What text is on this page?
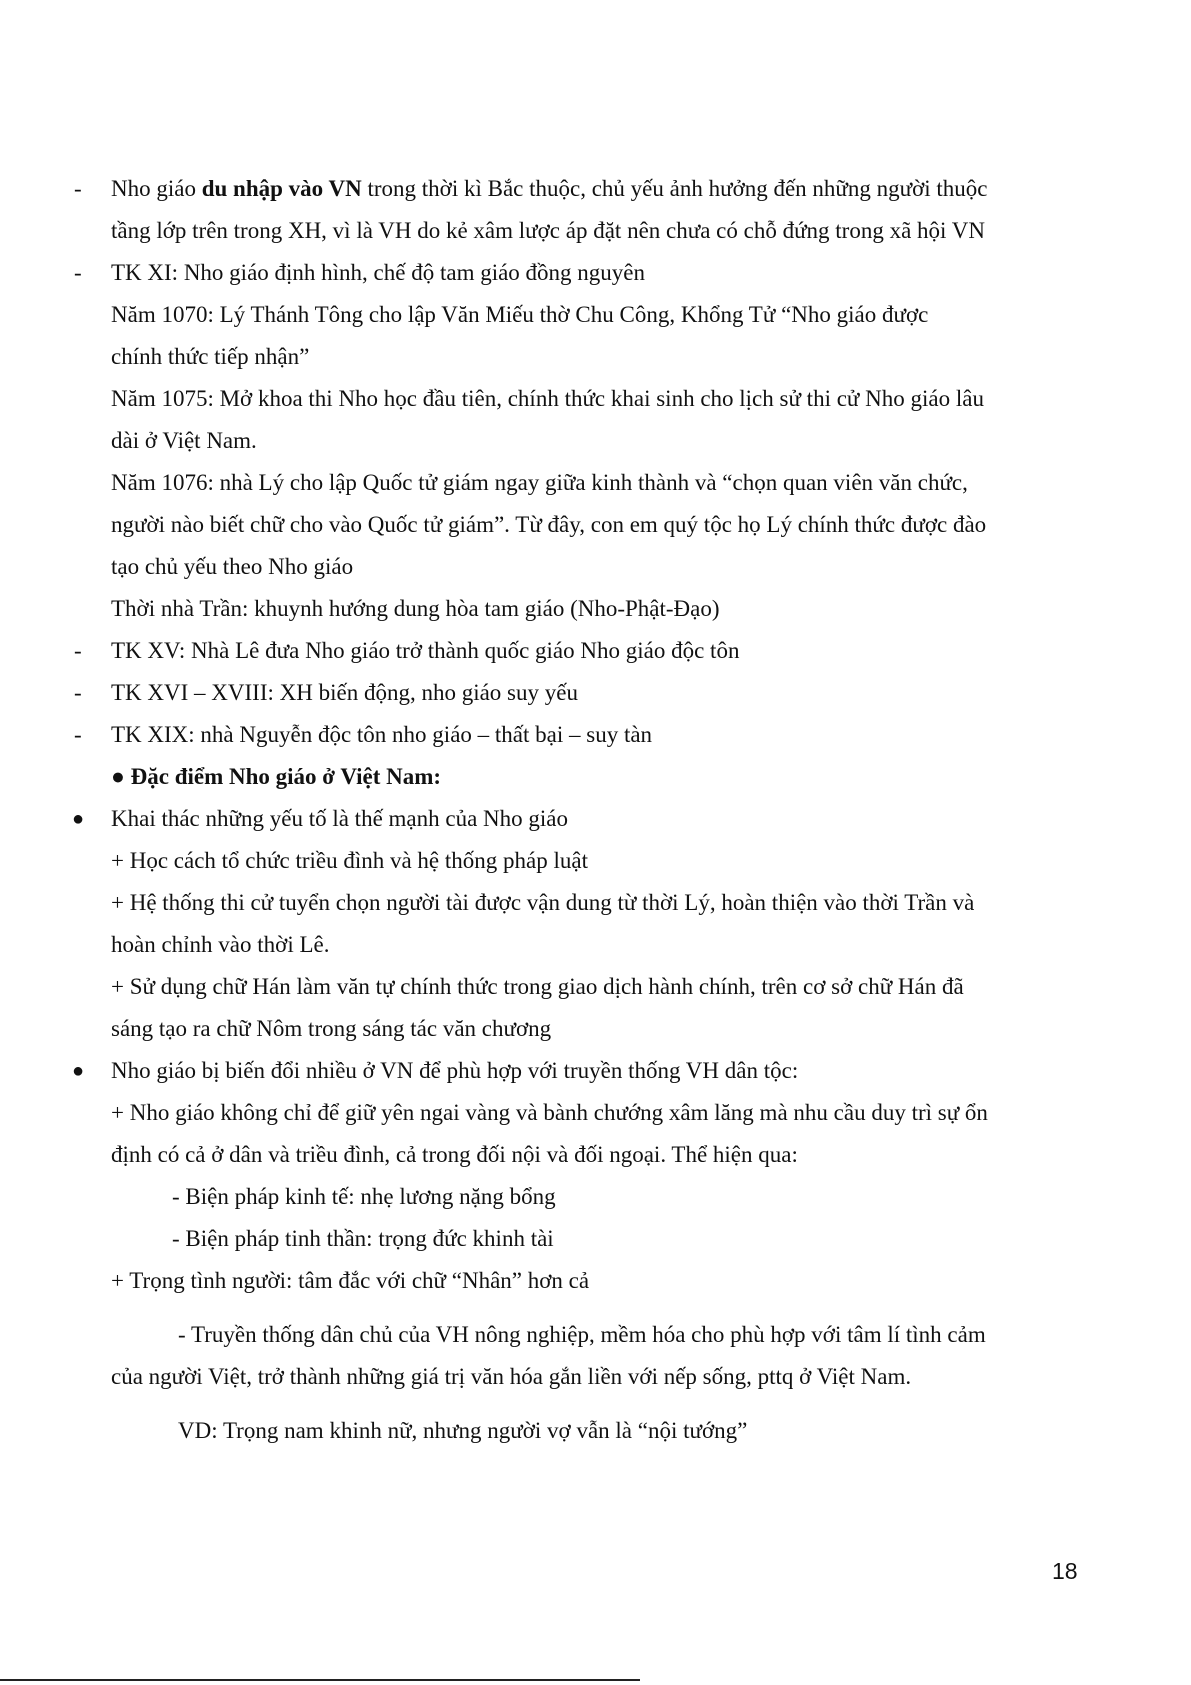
- Nho giáo du nhập vào VN trong thời kì Bắc thuộc, chủ yếu ảnh hưởng đến những người thuộc
tầng lớp trên trong XH, vì là VH do kẻ xâm lược áp đặt nên chưa có chỗ đứng trong xã hội VN
- TK XI: Nho giáo định hình, chế độ tam giáo đồng nguyên
Năm 1070: Lý Thánh Tông cho lập Văn Miếu thờ Chu Công, Khổng Tử “Nho giáo được
chính thức tiếp nhận”
Năm 1075: Mở khoa thi Nho học đầu tiên, chính thức khai sinh cho lịch sử thi cử Nho giáo lâu
dài ở Việt Nam.
Năm 1076: nhà Lý cho lập Quốc tử giám ngay giữa kinh thành và “chọn quan viên văn chức,
người nào biết chữ cho vào Quốc tử giám”. Từ đây, con em quý tộc họ Lý chính thức được đào
tạo chủ yếu theo Nho giáo
Thời nhà Trần: khuynh hướng dung hòa tam giáo (Nho-Phật-Đạo)
- TK XV: Nhà Lê đưa Nho giáo trở thành quốc giáo Nho giáo độc tôn
- TK XVI – XVIII: XH biến động, nho giáo suy yếu
- TK XIX: nhà Nguyễn độc tôn nho giáo – thất bại – suy tàn
● Đặc điểm Nho giáo ở Việt Nam:
● Khai thác những yếu tố là thế mạnh của Nho giáo
+ Học cách tổ chức triều đình và hệ thống pháp luật
+ Hệ thống thi cử tuyển chọn người tài được vận dung từ thời Lý, hoàn thiện vào thời Trần và
hoàn chỉnh vào thời Lê.
+ Sử dụng chữ Hán làm văn tự chính thức trong giao dịch hành chính, trên cơ sở chữ Hán đã
sáng tạo ra chữ Nôm trong sáng tác văn chương
● Nho giáo bị biến đổi nhiều ở VN để phù hợp với truyền thống VH dân tộc:
+ Nho giáo không chỉ để giữ yên ngai vàng và bành chướng xâm lăng mà nhu cầu duy trì sự ổn
định có cả ở dân và triều đình, cả trong đối nội và đối ngoại. Thể hiện qua:
- Biện pháp kinh tế: nhẹ lương nặng bổng
- Biện pháp tinh thần: trọng đức khinh tài
+ Trọng tình người: tâm đắc với chữ “Nhân” hơn cả
- Truyền thống dân chủ của VH nông nghiệp, mềm hóa cho phù hợp với tâm lí tình cảm
của người Việt, trở thành những giá trị văn hóa gắn liền với nếp sống, pttq ở Việt Nam.
VD: Trọng nam khinh nữ, nhưng người vợ vẫn là “nội tướng”
18
